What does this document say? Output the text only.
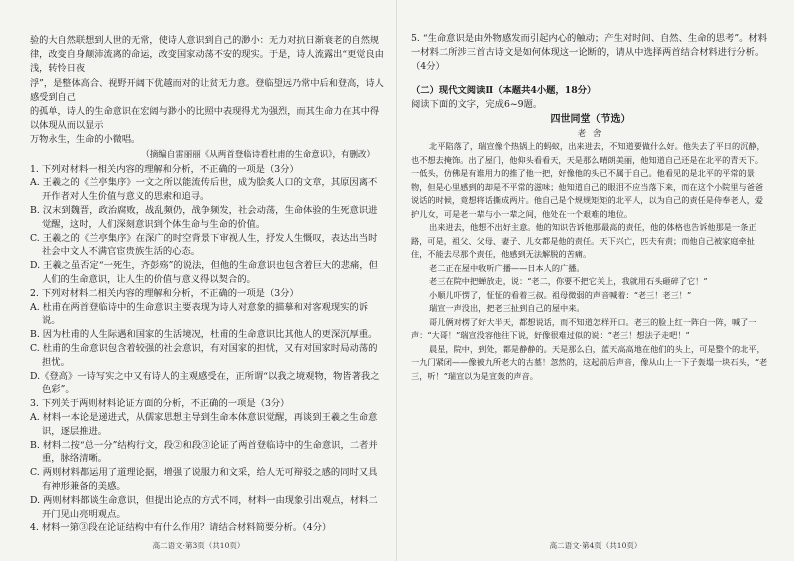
验的大自然联想到人世的无常，使诗人意识到自己的渺小：无力对抗日渐衰老的自然规

律，改变自身颠沛流离的命运，改变国家动荡不安的现实。于是，诗人流露出“更觉良由浅，转怜日夜

浮”，是整体高合、视野开阔下优越而对的让贫无力意。登临望远乃常中后和登高，诗人感受到自己

的孤单，诗人的生命意识在宏阔与渺小的比照中表现得尤为强烈，而其生命力在其中得以体现从而以显示

万物永生，生命的小微唱。

（摘编自雷丽丽《从两首登临诗看杜甫的生命意识》，有删改）

1. 下列对材料一相关内容的理解和分析，不正确的一项是（3分）

A. 王羲之的《兰亭集序》一文之所以能流传后世，成为脍炙人口的文章，其原因离不开作者对人生价值与意义的思索和追寻。

B. 汉末到魏晋，政治腐败，战乱频仍，战争频发，社会动荡，生命体验的生死意识进觉醒，这时，人们深刻意识到个体生命与生命的价值。

C. 王羲之的《兰亭集序》在深广的时空背景下审视人生，抒发人生慨叹，表达出当时社会中文人不满官宦贵族生活的心态。

D. 王羲之虽否定“一死生，齐彭殇”的说法，但他的生命意识也包含着巨大的悲痛，但人们的生命意识，让人生的价值与意义得以契合的。

2. 下列对材料二相关内容的理解和分析，不正确的一项是（3分）

A. 杜甫在两首登临诗中的生命意识主要表现为诗人对意象的描摹和对客观现实的诉说。

B. 因为杜甫的人生际遇和国家的生活境况，杜甫的生命意识比其他人的更深沉厚重。

C. 杜甫的生命意识包含着较强的社会意识，有对国家的担忧，又有对国家时局动荡的担忧。

D.《登高》一诗写实之中又有诗人的主观感受在，正所谓“以我之境观物，物皆著我之色彩”。

3. 下列关于两则材料论证方面的分析，不正确的一项是（3分）

A. 材料一本论是递进式，从儒家思想主导到生命本体意识觉醒，再谈到王羲之生命意识，逐层推进。

B. 材料二按“总一分”结构行文，段②和段③论证了两首登临诗中的生命意识，二者并重，脉络清晰。

C. 两则材料都运用了道理论据，增强了说服力和文采，给人无可辩驳之感的同时又具有神形兼备的美感。

D. 两则材料都谈生命意识，但提出论点的方式不同，材料一由现象引出观点，材料二开门见山亮明观点。

4. 材料一第③段在论证结构中有什么作用？请结合材料简要分析。（4分）

高二语文·第3页（共10页）

5. “生命意识是由外物感发而引起内心的触动；产生对时间、自然、生命的思考”。材料一材料二所涉三首古诗文是如何体现这一论断的，请从中选择两首结合材料进行分析。（4分）

（二）现代文阅读Ⅱ（本题共4小题，18分）

阅读下面的文字，完成6~9题。

四世同堂（节选）

老 舍

北平陷落了，瑞宣像个热锅上的蚂蚁，出来进去，不知道要做什么好。他失去了平日的沉静，也不想去掩饰。出了屋门，他仰头看看天，天是那么晴朗美丽，他知道自己还是在北平的青天下。一低头，仿佛是有谁用力的推了他一把，好像他的头已不属于自己。他看见的是北平的平常的景物，但是心里感到的却是不平常的滋味；他知道自己的眼泪不应当落下来，而在这个小院里与爸爸说话的时候，竟想将话撕成两片。他自己是个规规矩矩的北平人，以为自己的责任是侍奉老人，爱护儿女，可是老一辈与小一辈之间，他处在一个艰难的地位。

出来进去，他想不出好主意。他的知识告诉他那最高的责任，他的体格也告诉他那是一条正路，可是，祖父、父母、妻子、儿女都是他的责任。天下兴亡，匹夫有责；而他自己被家庭牵扯住，不能去尽那个责任，他感到无法解脱的苦痛。

老二正在屋中收听广播——日本人的广播。

老三在院中把蝉放走，说：“老二，你要不把它关上，我就用石头砸碎了它！”

小顺儿吓愣了，怔怔的看着三叔。祖母微弱的声音喊着：“老三！老三！”

瑞宣一声没出，把老三扯到自己的屋中来。

哥儿俩对楞了好大半天，都想说话，而不知道怎样开口。老三的脸上红一阵白一阵，喊了一声：“大哥！”瑞宣没容他往下说，好像很难过似的说：“老三！想法子走吧！”

晨星，院中，到处，都是静静的。天是那么白，蓝天高高地在他们的头上，可是整个的北平，一九门紧闭——像被九所老大的古墓！忽然的，这起前后声音，像从山上一下子轰塌一块石头，“老三，听！”瑞宣以为是宣轰的声音。

高二语文·第4页（共10页）
